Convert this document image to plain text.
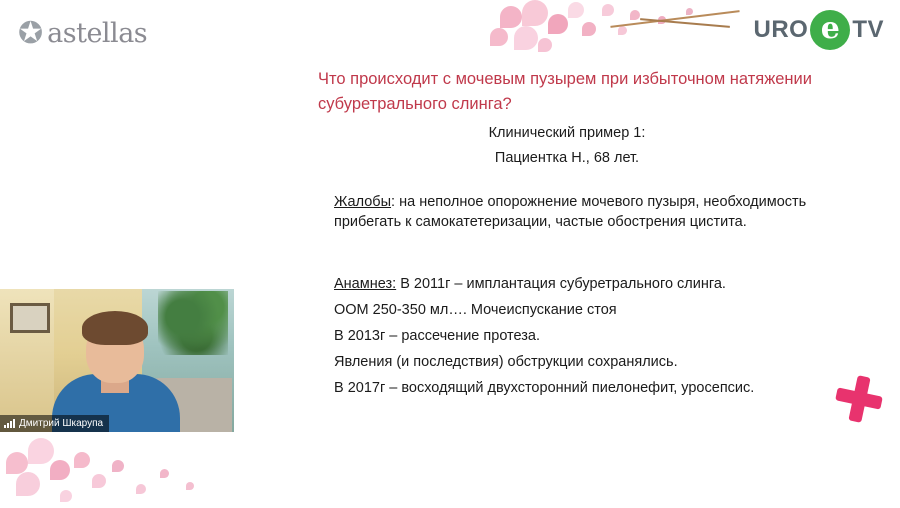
✪ astellas	URO e TV
Что происходит с мочевым пузырем при избыточном натяжении субуретрального слинга?
Клинический пример 1:
Пациентка Н., 68 лет.
Жалобы: на неполное опорожнение мочевого пузыря, необходимость прибегать к самокатетеризации, частые обострения цистита.
Анамнез: В 2011г – имплантация субуретрального слинга.
ООМ 250-350 мл…. Мочеиспускание стоя
В 2013г – рассечение протеза.
Явления (и последствия) обструкции сохранялись.
В 2017г – восходящий двухсторонний пиелонефит, уросепсис.
Дмитрий Шкарупа
